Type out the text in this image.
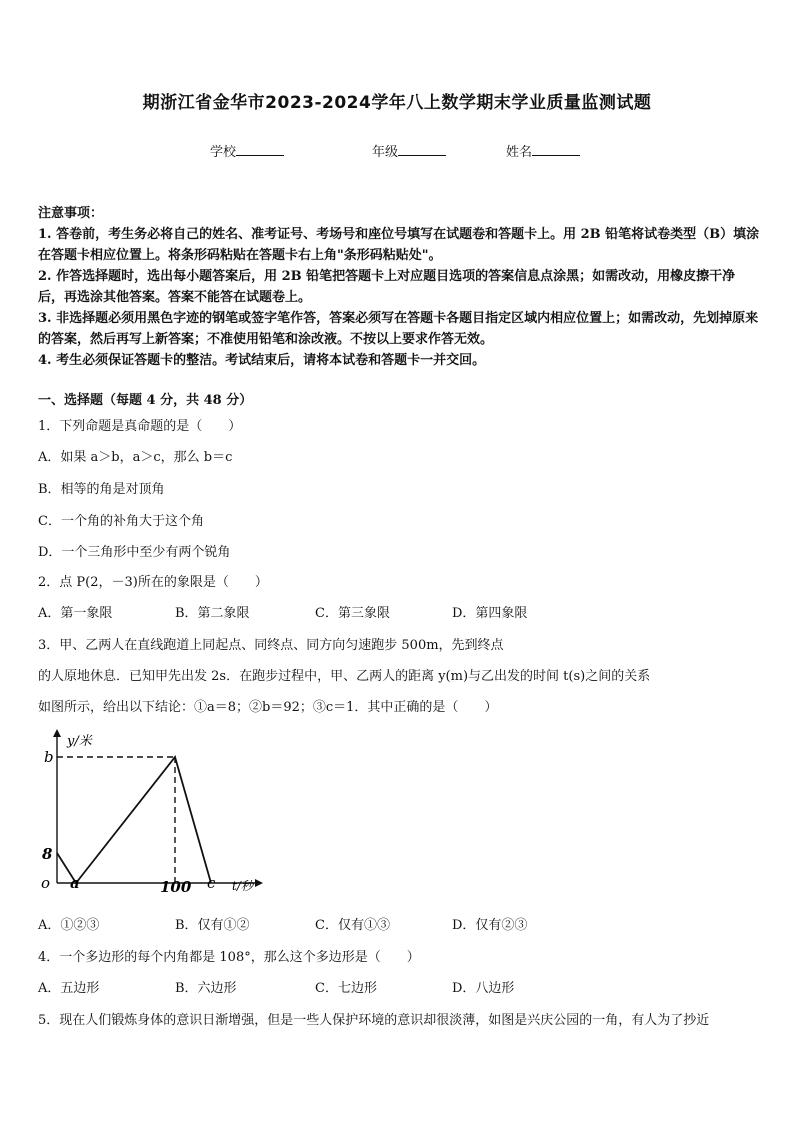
期浙江省金华市2023-2024学年八上数学期末学业质量监测试题
学校	年级	姓名

注意事项：

1. 答卷前，考生务必将自己的姓名、准考证号、考场号和座位号填写在试题卷和答题卡上。用 2B 铅笔将试卷类型（B）填涂在答题卡相应位置上。将条形码粘贴在答题卡右上角"条形码粘贴处"。

2. 作答选择题时，选出每小题答案后，用 2B 铅笔把答题卡上对应题目选项的答案信息点涂黑；如需改动，用橡皮擦干净后，再选涂其他答案。答案不能答在试题卷上。

3. 非选择题必须用黑色字迹的钢笔或签字笔作答，答案必须写在答题卡各题目指定区域内相应位置上；如需改动，先划掉原来的答案，然后再写上新答案；不准使用铅笔和涂改液。不按以上要求作答无效。

4. 考生必须保证答题卡的整洁。考试结束后，请将本试卷和答题卡一并交回。

一、选择题（每题 4 分，共 48 分）
1．下列命题是真命题的是（　　）
A．如果 a＞b，a＞c，那么 b＝c
B．相等的角是对顶角
C．一个角的补角大于这个角
D．一个三角形中至少有两个锐角
2．点 P(2，－3)所在的象限是（　　）
A．第一象限	B．第二象限	C．第三象限	D．第四象限
3．甲、乙两人在直线跑道上同起点、同终点、同方向匀速跑步 500m，先到终点
的人原地休息．已知甲先出发 2s．在跑步过程中，甲、乙两人的距离 y(m)与乙出发的时间 t(s)之间的关系
如图所示，给出以下结论：①a＝8；②b＝92；③c＝1．其中正确的是（　　）
y/米
b
8
o a	100 c t/秒
A．①②③	B．仅有①②	C．仅有①③	D．仅有②③
4．一个多边形的每个内角都是 108°，那么这个多边形是（　　）
A．五边形	B．六边形	C．七边形	D．八边形
5．现在人们锻炼身体的意识日渐增强，但是一些人保护环境的意识却很淡薄，如图是兴庆公园的一角，有人为了抄近
